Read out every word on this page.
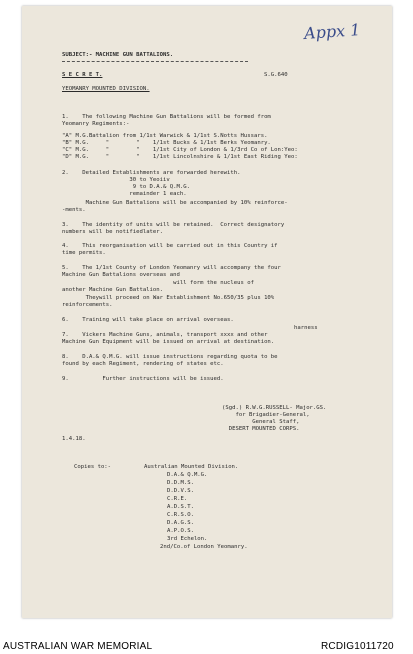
Appx 1
SUBJECT:- MACHINE GUN BATTALIONS.
S E C R E T.	S.G.640
YEOMANRY MOUNTED DIVISION.
1.    The following Machine Gun Battalions will be formed from
Yeomanry Regiments:-
"A" M.G.Battalion from 1/1st Warwick & 1/1st S.Notts Hussars.
"B" M.G.     "        "    1/1st Bucks & 1/1st Berks Yeomanry.
"C" M.G.     "        "    1/1st City of London & 1/3rd Co of Lon:Yeo:
"D" M.G.     "        "    1/1st Lincolnshire & 1/1st East Riding Yeo:
2.    Detailed Establishments are forwarded herewith.
30 to Yeoiiv
9 to D.A.& Q.M.G.
remainder 1 each.
Machine Gun Battalions will be accompanied by 10% reinforce-
-ments.
3.    The identity of units will be retained.  Correct designatory
numbers will be notifiedlater.
4.    This reorganisation will be carried out in this Country if
time permits.
5.    The 1/1st County of London Yeomanry will accompany the four
Machine Gun Battalions overseas and
will form the nucleus of
another Machine Gun Battalion.
Theywill proceed on War Establishment No.650/35 plus 10%
reinforcements.
6.    Training will take place on arrival overseas.
harness
7.    Vickers Machine Guns, animals, transport xxxx and other
Machine Gun Equipment will be issued on arrival at destination.
8.    D.A.& Q.M.G. will issue instructions regarding quota to be
found by each Regiment, rendering of states etc.
9.          Further instructions will be issued.
(Sgd.) R.W.G.RUSSELL- Major.GS.
for Brigadier-General,
General Staff,
DESERT MOUNTED CORPS.
1.4.18.
Copies to:-	Australian Mounted Division.
D.A.& Q.M.G.
D.D.M.S.
D.D.V.S.
C.R.E.
A.D.S.T.
C.R.S.O.
D.A.G.S.
A.P.O.S.
3rd Echelon.
2nd/Co.of London Yeomanry.
AUSTRALIAN WAR MEMORIAL	RCDIG1011720
